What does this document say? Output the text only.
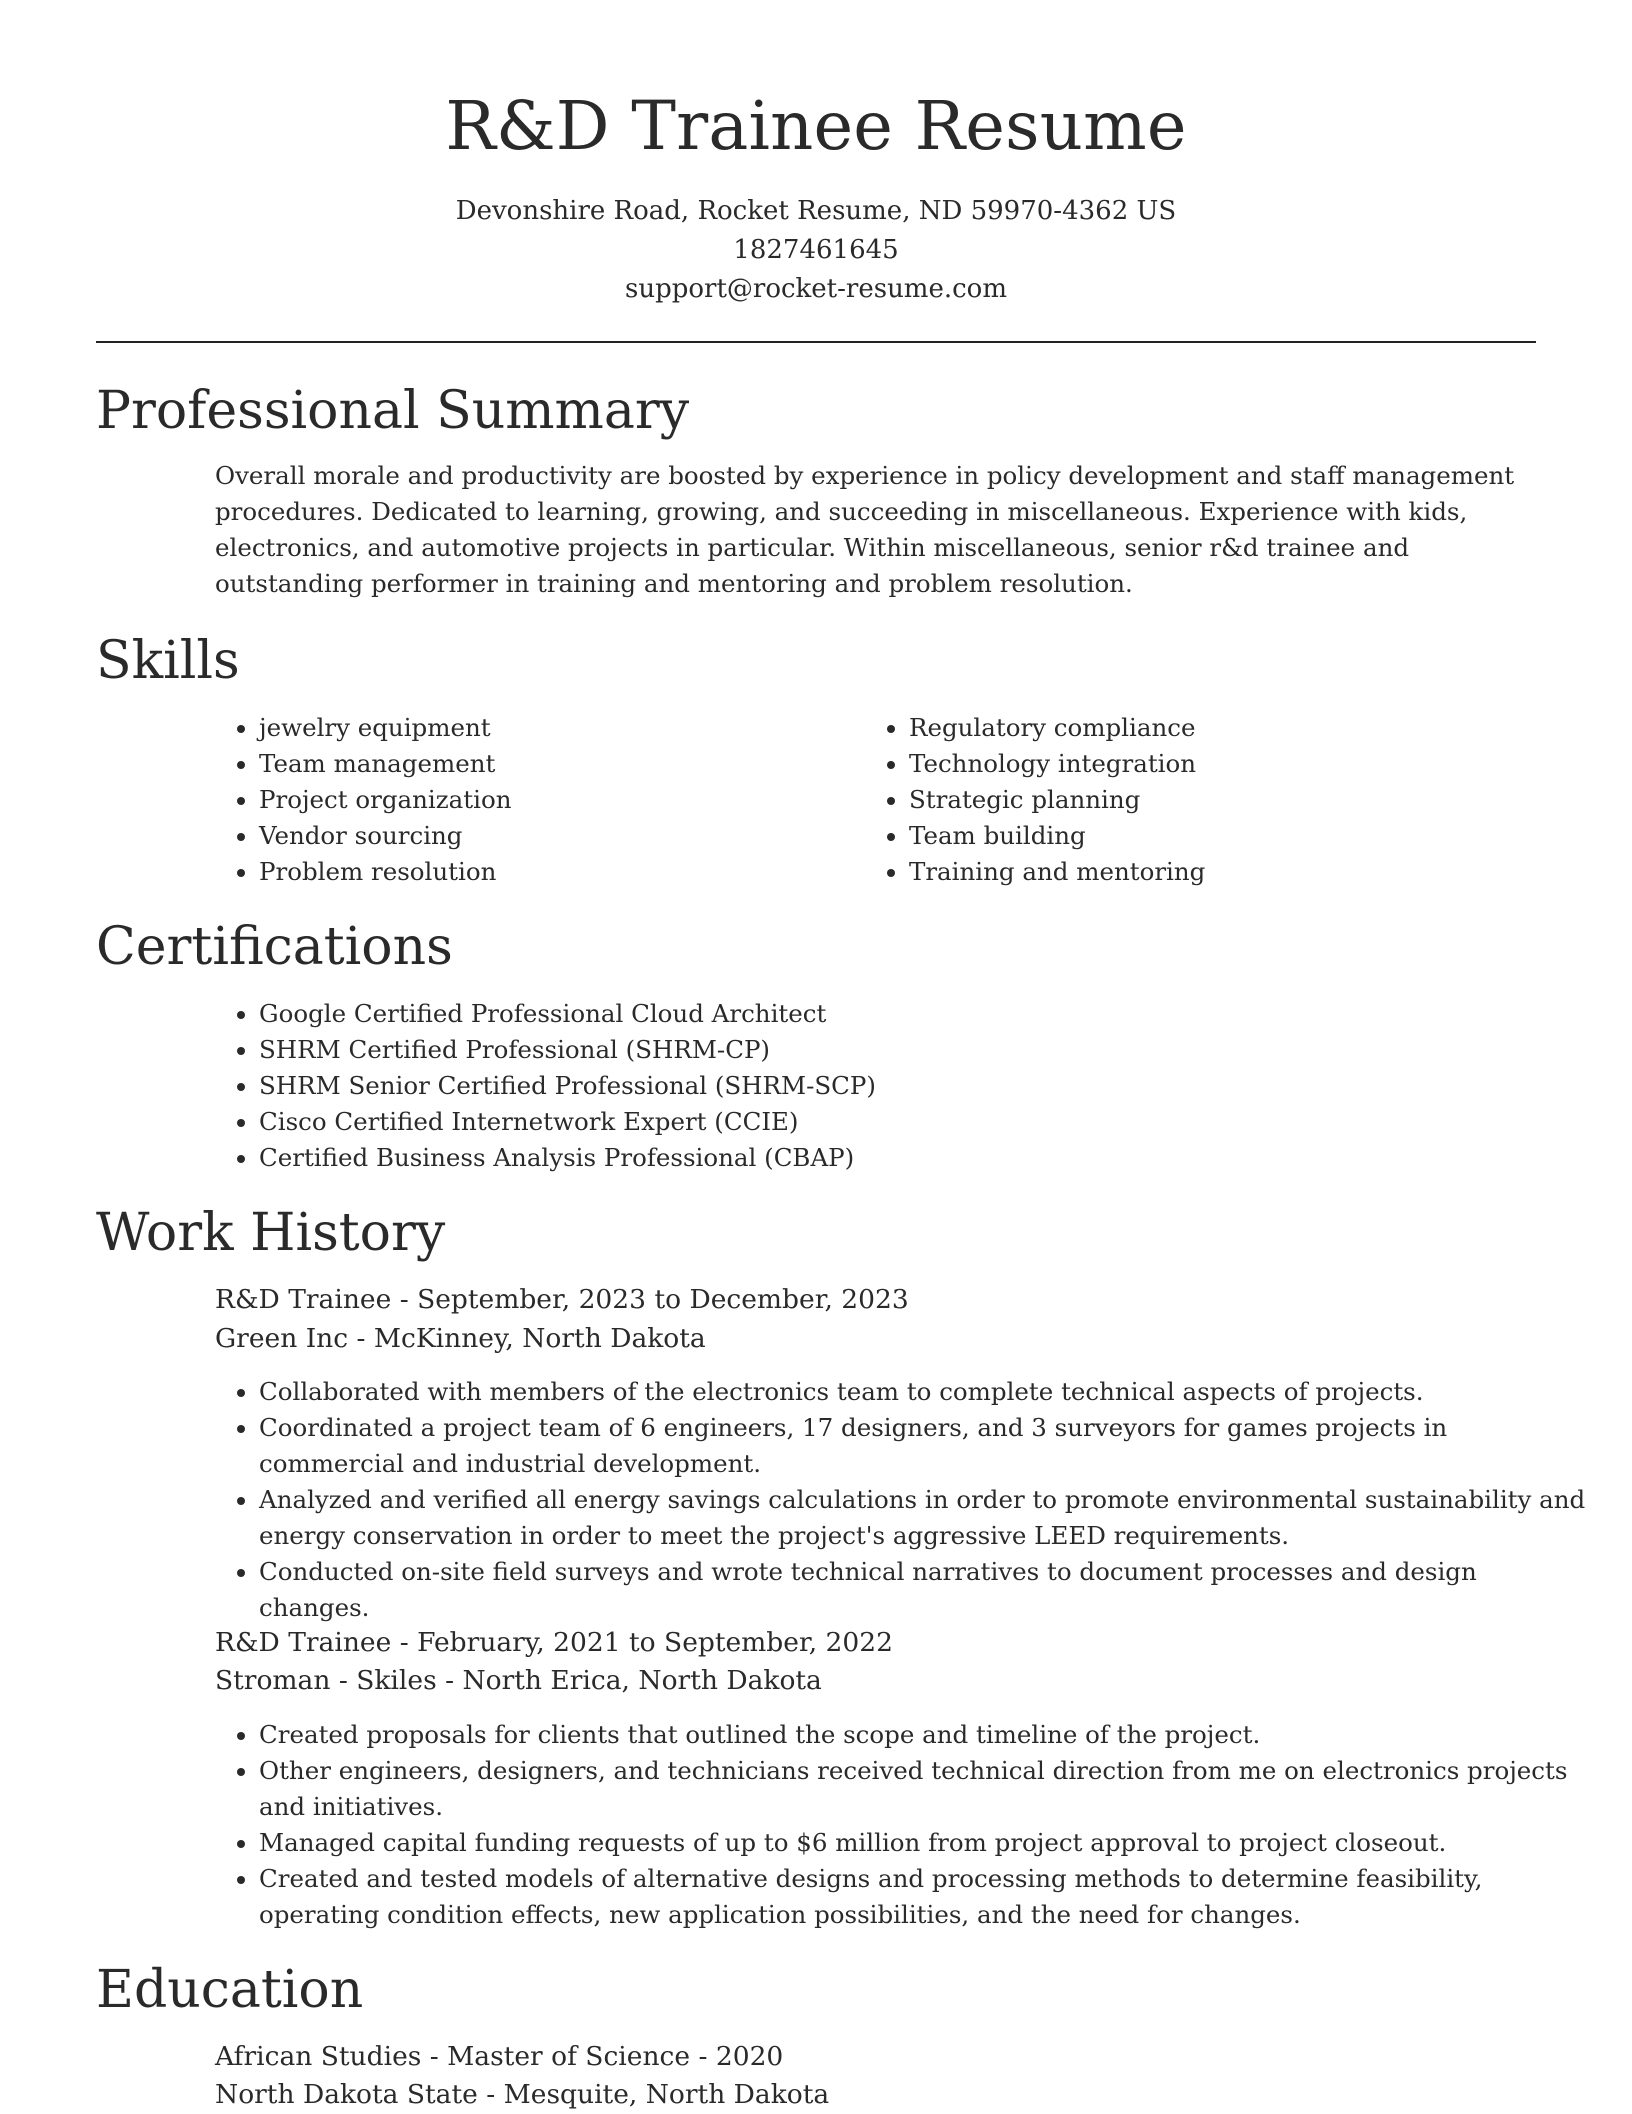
R&D Trainee Resume
Devonshire Road, Rocket Resume, ND 59970-4362 US
1827461645
support@rocket-resume.com
Professional Summary

Overall morale and productivity are boosted by experience in policy development and staff management procedures. Dedicated to learning, growing, and succeeding in miscellaneous. Experience with kids, electronics, and automotive projects in particular. Within miscellaneous, senior r&d trainee and outstanding performer in training and mentoring and problem resolution.

Skills
• jewelry equipment
• Team management
• Project organization
• Vendor sourcing
• Problem resolution
• Regulatory compliance
• Technology integration
• Strategic planning
• Team building
• Training and mentoring
Certifications
• Google Certified Professional Cloud Architect
• SHRM Certified Professional (SHRM-CP)
• SHRM Senior Certified Professional (SHRM-SCP)
• Cisco Certified Internetwork Expert (CCIE)
• Certified Business Analysis Professional (CBAP)
Work History
R&D Trainee - September, 2023 to December, 2023
Green Inc - McKinney, North Dakota
• Collaborated with members of the electronics team to complete technical aspects of projects.
• Coordinated a project team of 6 engineers, 17 designers, and 3 surveyors for games projects in commercial and industrial development.
• Analyzed and verified all energy savings calculations in order to promote environmental sustainability and energy conservation in order to meet the project's aggressive LEED requirements.
• Conducted on-site field surveys and wrote technical narratives to document processes and design changes.
R&D Trainee - February, 2021 to September, 2022
Stroman - Skiles - North Erica, North Dakota
• Created proposals for clients that outlined the scope and timeline of the project.
• Other engineers, designers, and technicians received technical direction from me on electronics projects and initiatives.
• Managed capital funding requests of up to $6 million from project approval to project closeout.
• Created and tested models of alternative designs and processing methods to determine feasibility, operating condition effects, new application possibilities, and the need for changes.
Education
African Studies - Master of Science - 2020
North Dakota State - Mesquite, North Dakota
